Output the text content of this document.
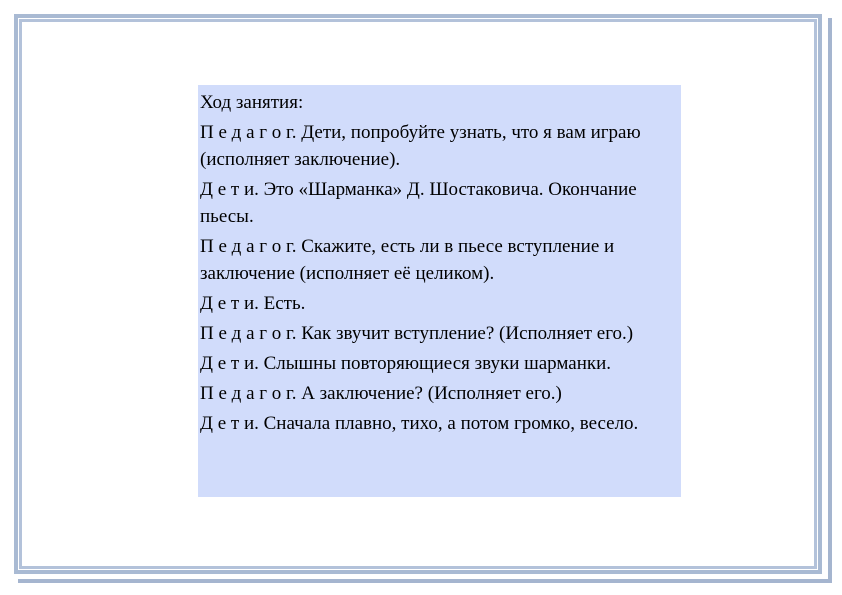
Ход занятия:

П е д а г о г. Дети, попробуйте узнать, что я вам играю (исполняет заключение).

Д е т и. Это «Шарманка» Д. Шостаковича. Окончание пьесы.

П е д а г о г. Скажите, есть ли в пьесе вступление и заключение (исполняет её целиком).

Д е т и. Есть.

П е д а г о г. Как звучит вступление? (Исполняет его.)

Д е т и. Слышны повторяющиеся звуки шарманки.

П е д а г о г. А заключение? (Исполняет его.)

Д е т и. Сначала плавно, тихо, а потом громко, весело.
